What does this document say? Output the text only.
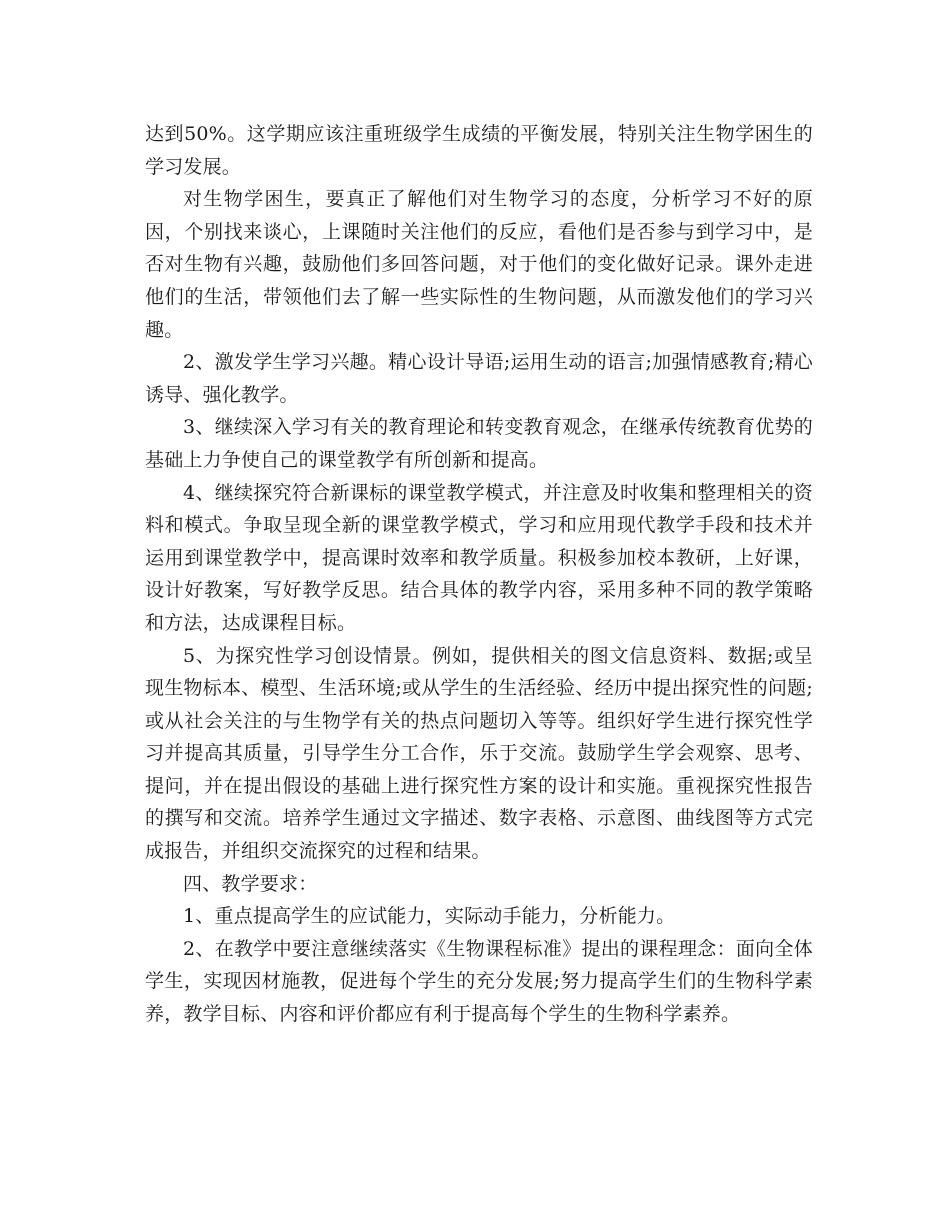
达到50%。这学期应该注重班级学生成绩的平衡发展，特别关注生物学困生的学习发展。

对生物学困生，要真正了解他们对生物学习的态度，分析学习不好的原因，个别找来谈心，上课随时关注他们的反应，看他们是否参与到学习中，是否对生物有兴趣，鼓励他们多回答问题，对于他们的变化做好记录。课外走进他们的生活，带领他们去了解一些实际性的生物问题，从而激发他们的学习兴趣。

2、激发学生学习兴趣。精心设计导语;运用生动的语言;加强情感教育;精心诱导、强化教学。

3、继续深入学习有关的教育理论和转变教育观念，在继承传统教育优势的基础上力争使自己的课堂教学有所创新和提高。

4、继续探究符合新课标的课堂教学模式，并注意及时收集和整理相关的资料和模式。争取呈现全新的课堂教学模式，学习和应用现代教学手段和技术并运用到课堂教学中，提高课时效率和教学质量。积极参加校本教研，上好课，设计好教案，写好教学反思。结合具体的教学内容，采用多种不同的教学策略和方法，达成课程目标。

5、为探究性学习创设情景。例如，提供相关的图文信息资料、数据;或呈现生物标本、模型、生活环境;或从学生的生活经验、经历中提出探究性的问题;或从社会关注的与生物学有关的热点问题切入等等。组织好学生进行探究性学习并提高其质量，引导学生分工合作，乐于交流。鼓励学生学会观察、思考、提问，并在提出假设的基础上进行探究性方案的设计和实施。重视探究性报告的撰写和交流。培养学生通过文字描述、数字表格、示意图、曲线图等方式完成报告，并组织交流探究的过程和结果。

四、教学要求：

1、重点提高学生的应试能力，实际动手能力，分析能力。

2、在教学中要注意继续落实《生物课程标准》提出的课程理念：面向全体学生，实现因材施教，促进每个学生的充分发展;努力提高学生们的生物科学素养，教学目标、内容和评价都应有利于提高每个学生的生物科学素养。
